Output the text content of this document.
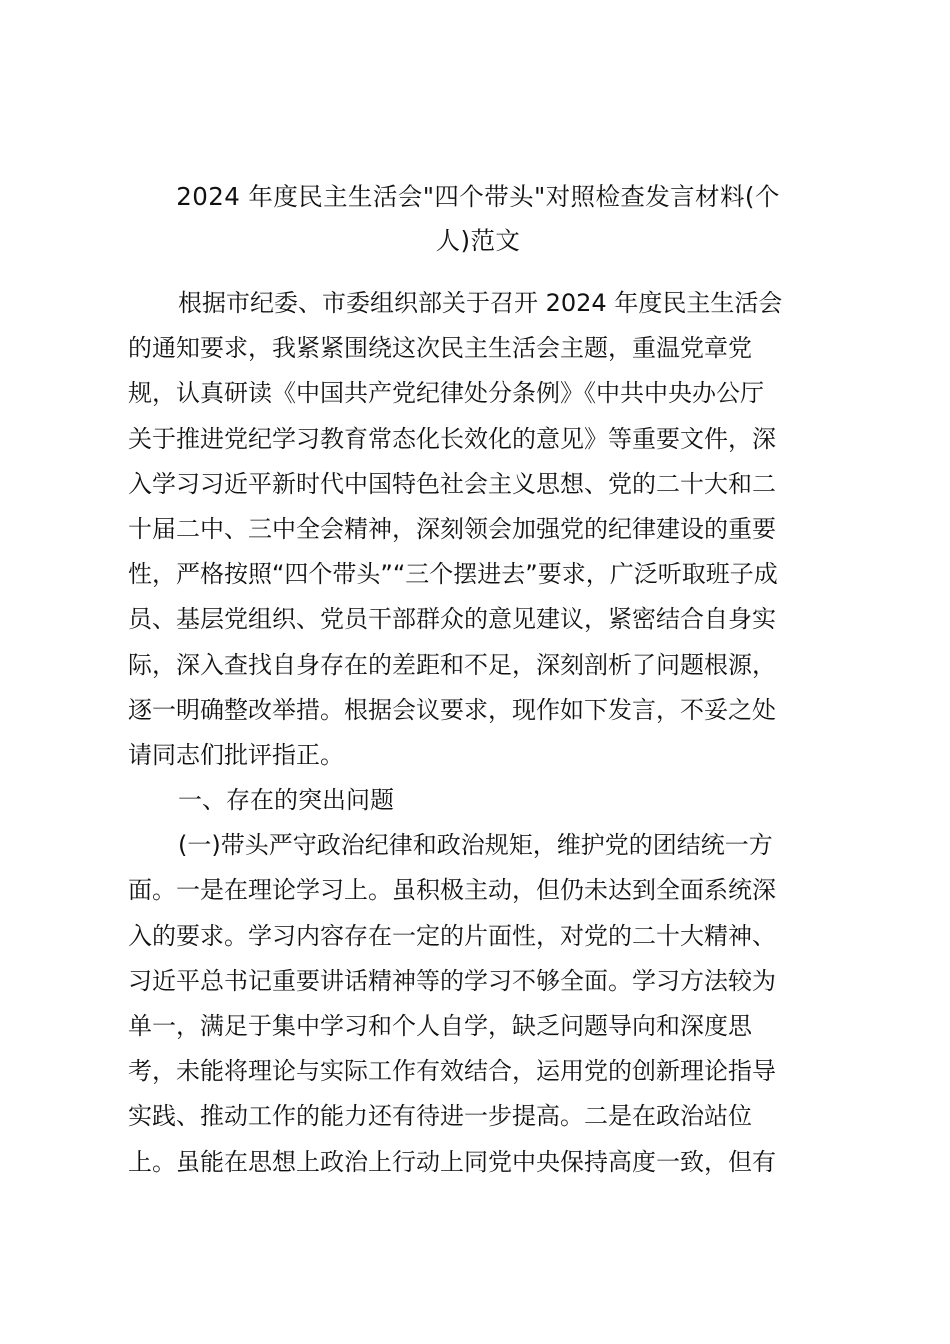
2024 年度民主生活会"四个带头"对照检查发言材料(个
人)范文
根据市纪委、市委组织部关于召开 2024 年度民主生活会
的通知要求，我紧紧围绕这次民主生活会主题，重温党章党
规，认真研读《中国共产党纪律处分条例》《中共中央办公厅
关于推进党纪学习教育常态化长效化的意见》等重要文件，深
入学习习近平新时代中国特色社会主义思想、党的二十大和二
十届二中、三中全会精神，深刻领会加强党的纪律建设的重要
性，严格按照“四个带头”“三个摆进去”要求，广泛听取班子成
员、基层党组织、党员干部群众的意见建议，紧密结合自身实
际，深入查找自身存在的差距和不足，深刻剖析了问题根源，
逐一明确整改举措。根据会议要求，现作如下发言，不妥之处
请同志们批评指正。
一、存在的突出问题
(一)带头严守政治纪律和政治规矩，维护党的团结统一方
面。一是在理论学习上。虽积极主动，但仍未达到全面系统深
入的要求。学习内容存在一定的片面性，对党的二十大精神、
习近平总书记重要讲话精神等的学习不够全面。学习方法较为
单一，满足于集中学习和个人自学，缺乏问题导向和深度思
考，未能将理论与实际工作有效结合，运用党的创新理论指导
实践、推动工作的能力还有待进一步提高。二是在政治站位
上。虽能在思想上政治上行动上同党中央保持高度一致，但有
